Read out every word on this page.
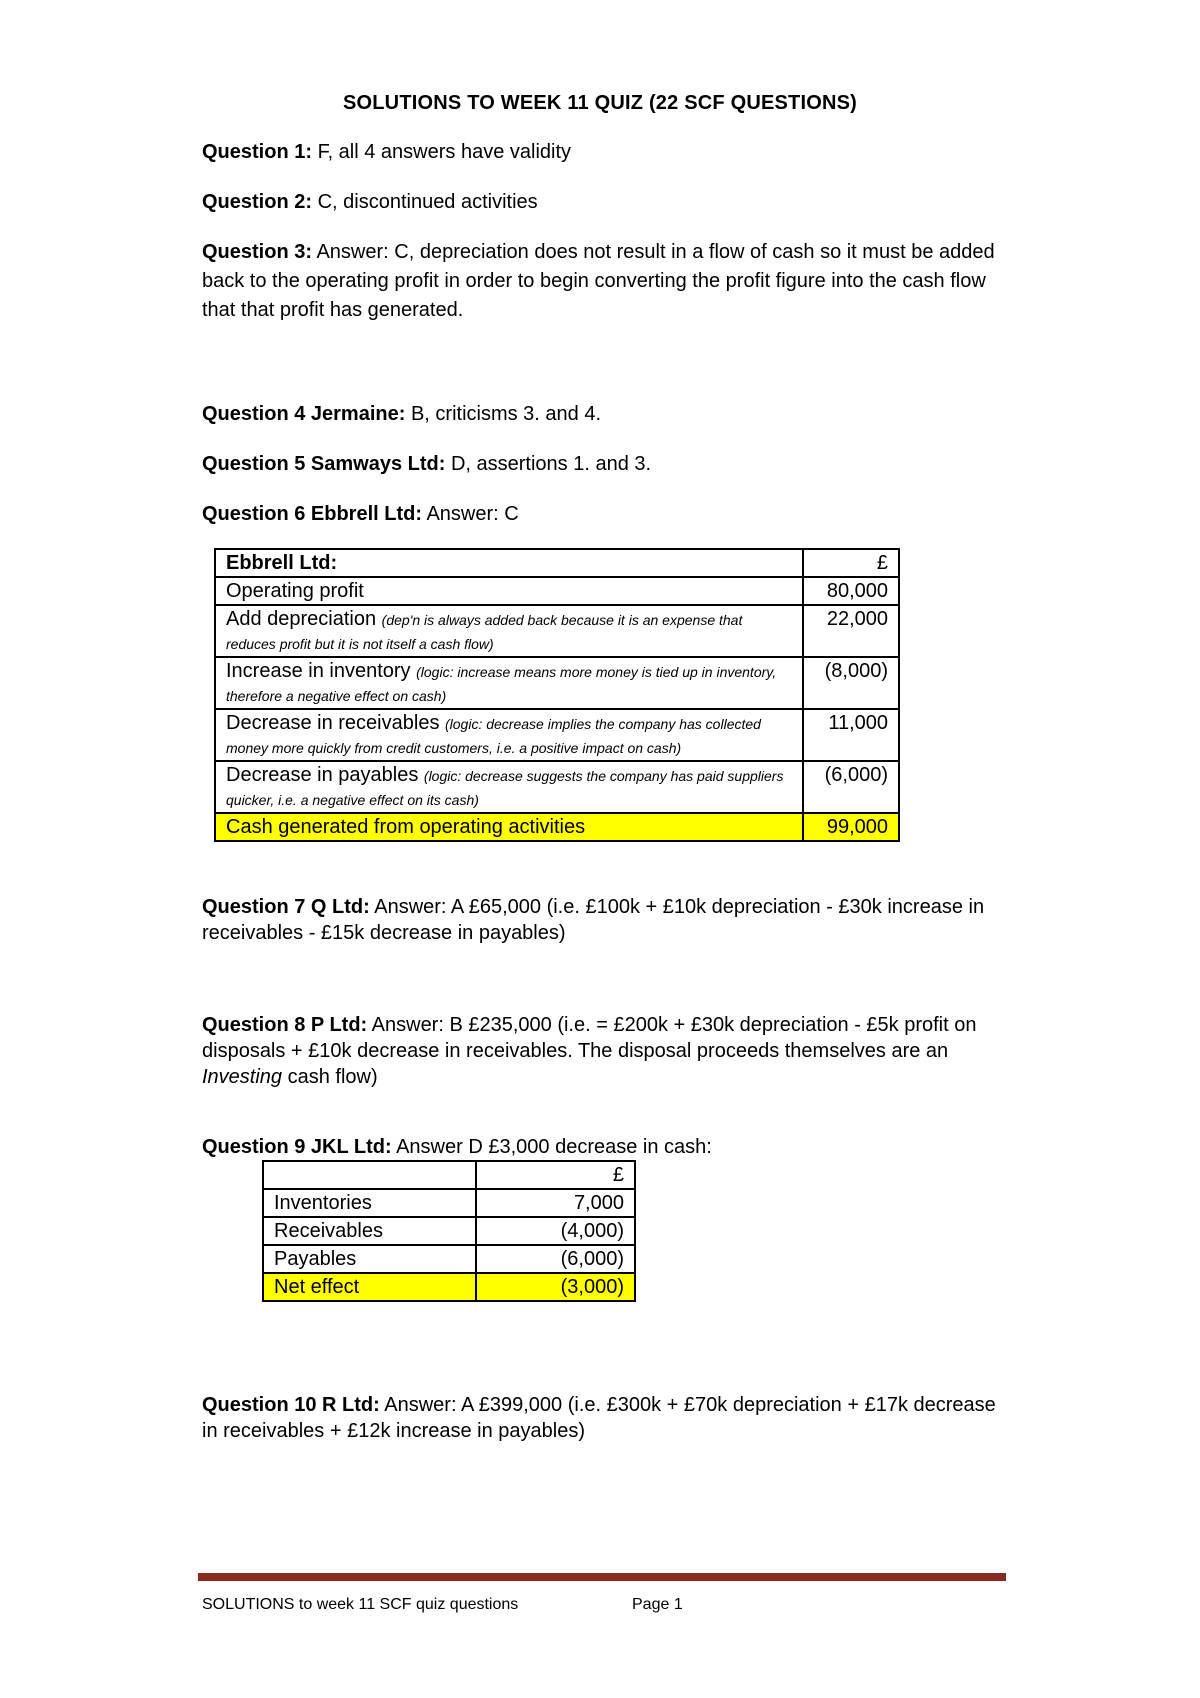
SOLUTIONS TO WEEK 11 QUIZ (22 SCF QUESTIONS)
Question 1: F, all 4 answers have validity
Question 2: C, discontinued activities
Question 3: Answer: C, depreciation does not result in a flow of cash so it must be added back to the operating profit in order to begin converting the profit figure into the cash flow that that profit has generated.
Question 4 Jermaine: B, criticisms 3. and 4.
Question 5 Samways Ltd: D, assertions 1. and 3.
Question 6 Ebbrell Ltd: Answer: C
Ebbrell Ltd:	£
Operating profit	80,000
Add depreciation (dep'n is always added back because it is an expense that reduces profit but it is not itself a cash flow)	22,000
Increase in inventory (logic: increase means more money is tied up in inventory, therefore a negative effect on cash)	(8,000)
Decrease in receivables (logic: decrease implies the company has collected money more quickly from credit customers, i.e. a positive impact on cash)	11,000
Decrease in payables (logic: decrease suggests the company has paid suppliers quicker, i.e. a negative effect on its cash)	(6,000)
Cash generated from operating activities	99,000
Question 7 Q Ltd: Answer: A £65,000 (i.e. £100k + £10k depreciation - £30k increase in receivables - £15k decrease in payables)
Question 8 P Ltd: Answer: B £235,000 (i.e. = £200k + £30k depreciation - £5k profit on disposals + £10k decrease in receivables. The disposal proceeds themselves are an Investing cash flow)
Question 9 JKL Ltd: Answer D £3,000 decrease in cash:
	£
Inventories	7,000
Receivables	(4,000)
Payables	(6,000)
Net effect	(3,000)
Question 10 R Ltd: Answer: A £399,000 (i.e. £300k + £70k depreciation + £17k decrease in receivables + £12k increase in payables)
SOLUTIONS to week 11 SCF quiz questions	Page 1
